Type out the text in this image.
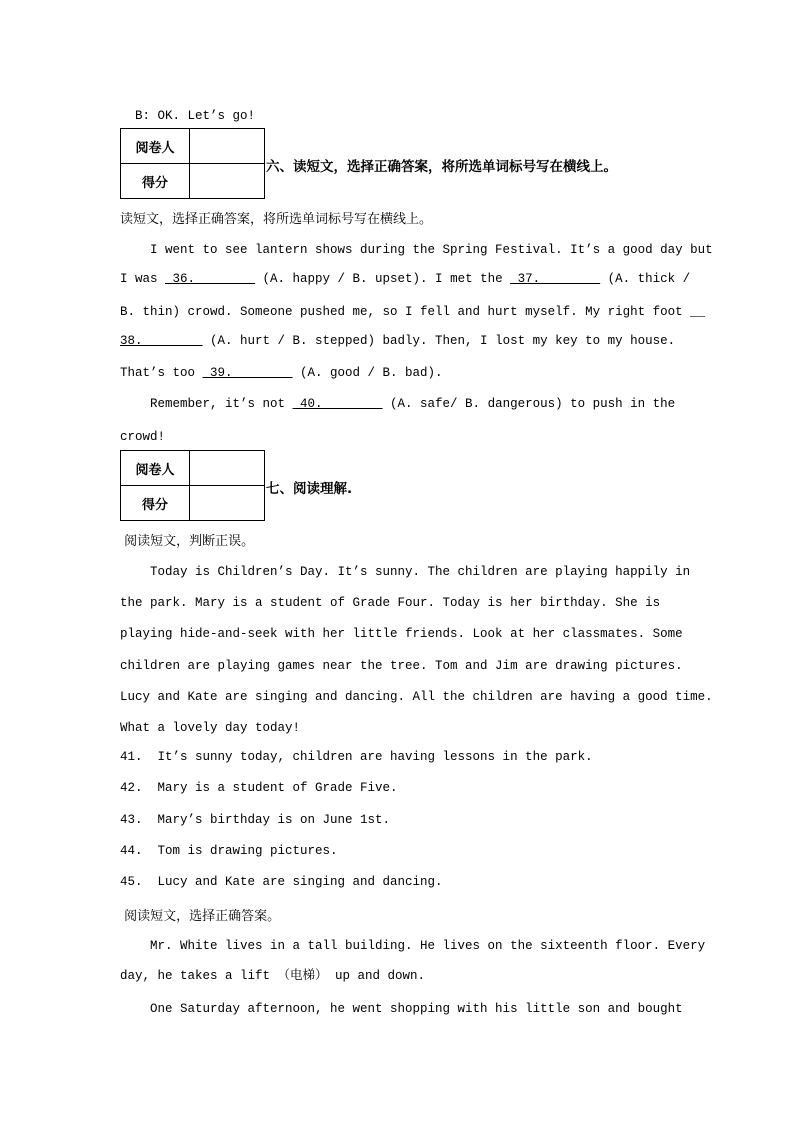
B: OK. Let’s go!
阅卷人	
得分	
六、读短文，选择正确答案，将所选单词标号写在横线上。
读短文，选择正确答案，将所选单词标号写在横线上。
I went to see lantern shows during the Spring Festival. It’s a good day but
I was  36.________ (A. happy / B. upset). I met the  37.________ (A. thick /
B. thin) crowd. Someone pushed me, so I fell and hurt myself. My right foot __
38.________ (A. hurt / B. stepped) badly. Then, I lost my key to my house.
That’s too  39.________ (A. good / B. bad).
Remember, it’s not  40.________ (A. safe/ B. dangerous) to push in the
crowd!
阅卷人	
得分	
七、阅读理解.
阅读短文，判断正误。
Today is Children’s Day. It’s sunny. The children are playing happily in
the park. Mary is a student of Grade Four. Today is her birthday. She is
playing hide-and-seek with her little friends. Look at her classmates. Some
children are playing games near the tree. Tom and Jim are drawing pictures.
Lucy and Kate are singing and dancing. All the children are having a good time.
What a lovely day today!
41.  It’s sunny today, children are having lessons in the park.
42.  Mary is a student of Grade Five.
43.  Mary’s birthday is on June 1st.
44.  Tom is drawing pictures.
45.  Lucy and Kate are singing and dancing.
阅读短文，选择正确答案。
Mr. White lives in a tall building. He lives on the sixteenth floor. Every
day, he takes a lift （电梯） up and down.
One Saturday afternoon, he went shopping with his little son and bought
